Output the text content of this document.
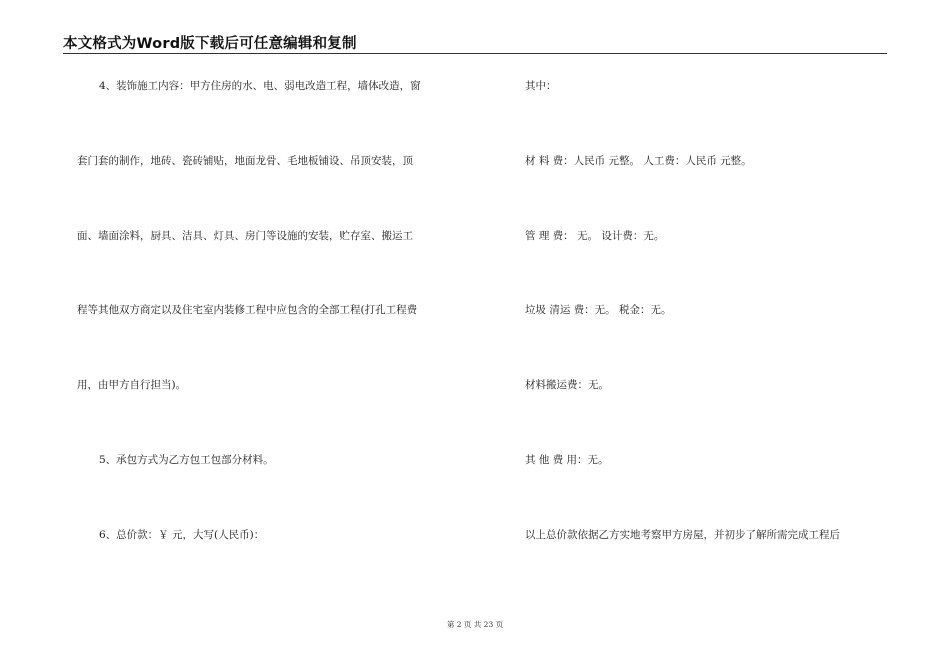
本文格式为Word版下载后可任意编辑和复制
4、装饰施工内容：甲方住房的水、电、弱电改造工程，墙体改造，窗
套门套的制作，地砖、瓷砖铺贴，地面龙骨、毛地板铺设、吊顶安装，顶
面、墙面涂料，厨具、洁具、灯具、房门等设施的安装，贮存室、搬运工
程等其他双方商定以及住宅室内装修工程中应包含的全部工程(打孔工程费
用，由甲方自行担当)。
5、承包方式为乙方包工包部分材料。
6、总价款：￥ 元，大写(人民币)：
其中：
材 料 费：人民币 元整。 人工费：人民币 元整。
管 理 费： 无。 设计费：无。
垃圾 清运 费：无。 税金：无。
材料搬运费：无。
其 他 费 用：无。
以上总价款依据乙方实地考察甲方房屋，并初步了解所需完成工程后
第 2 页 共 23 页
